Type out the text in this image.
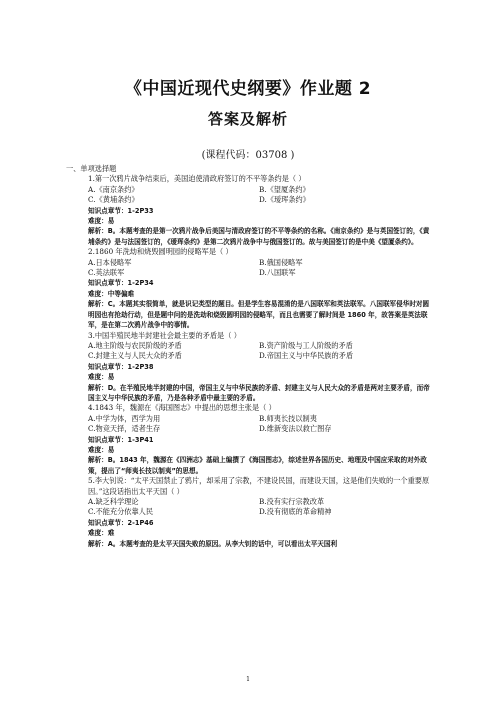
《中国近现代史纲要》作业题 2
答案及解析
(课程代码：03708 )
一、单项选择题
1.第一次鸦片战争结束后，美国迫使清政府签订的不平等条约是（ ）
A.《南京条约》	B.《望厦条约》
C.《黄埔条约》	D.《瑷珲条约》
知识点章节：1-2P33
难度：易
解析：B。本题考查的是第一次鸦片战争后美国与清政府签订的不平等条约的名称。《南京条约》是与英国签订的，《黄埔条约》是与法国签订的，《瑷珲条约》是第二次鸦片战争中与俄国签订的。故与美国签订的是中美《望厦条约》。
2.1860 年洗劫和烧毁圆明园的侵略军是（ ）
A.日本侵略军	B.俄国侵略军
C.英法联军	D.八国联军
知识点章节：1-2P34
难度：中等偏难
解析：C。本题其实很简单，就是识记类型的题目。但是学生容易混淆的是八国联军和英法联军。八国联军侵华时对圆明园也有抢劫行动，但是题中问的是洗劫和烧毁圆明园的侵略军，而且也需要了解时间是 1860 年，故答案是英法联军，是在第二次鸦片战争中的事情。
3.中国半殖民地半封建社会最主要的矛盾是（ ）
A.地主阶级与农民阶级的矛盾	B.资产阶级与工人阶级的矛盾
C.封建主义与人民大众的矛盾	D.帝国主义与中华民族的矛盾
知识点章节：1-2P38
难度：易
解析：D。在半殖民地半封建的中国，帝国主义与中华民族的矛盾、封建主义与人民大众的矛盾是两对主要矛盾，而帝国主义与中华民族的矛盾，乃是各种矛盾中最主要的矛盾。
4.1843 年，魏源在《海国图志》中提出的思想主张是（ ）
A.中学为体，西学为用	B.师夷长技以制夷
C.物竞天择，适者生存	D.维新变法以救亡图存
知识点章节：1-3P41
难度：易
解析：B。1843 年，魏源在《四洲志》基础上编撰了《海国图志》，综述世界各国历史、地理及中国应采取的对外政策，提出了“师夷长技以制夷”的思想。
5.李大钊说：“太平天国禁止了鸦片，却采用了宗教，不建设民国，而建设天国，这是他们失败的一个重要原因。”这段话指出太平天国（ ）
A.缺乏科学理论	B.没有实行宗教改革
C.不能充分依靠人民	D.没有彻底的革命精神
知识点章节：2-1P46
难度：难
解析：A。本题考查的是太平天国失败的原因。从李大钊的话中，可以看出太平天国利
1
